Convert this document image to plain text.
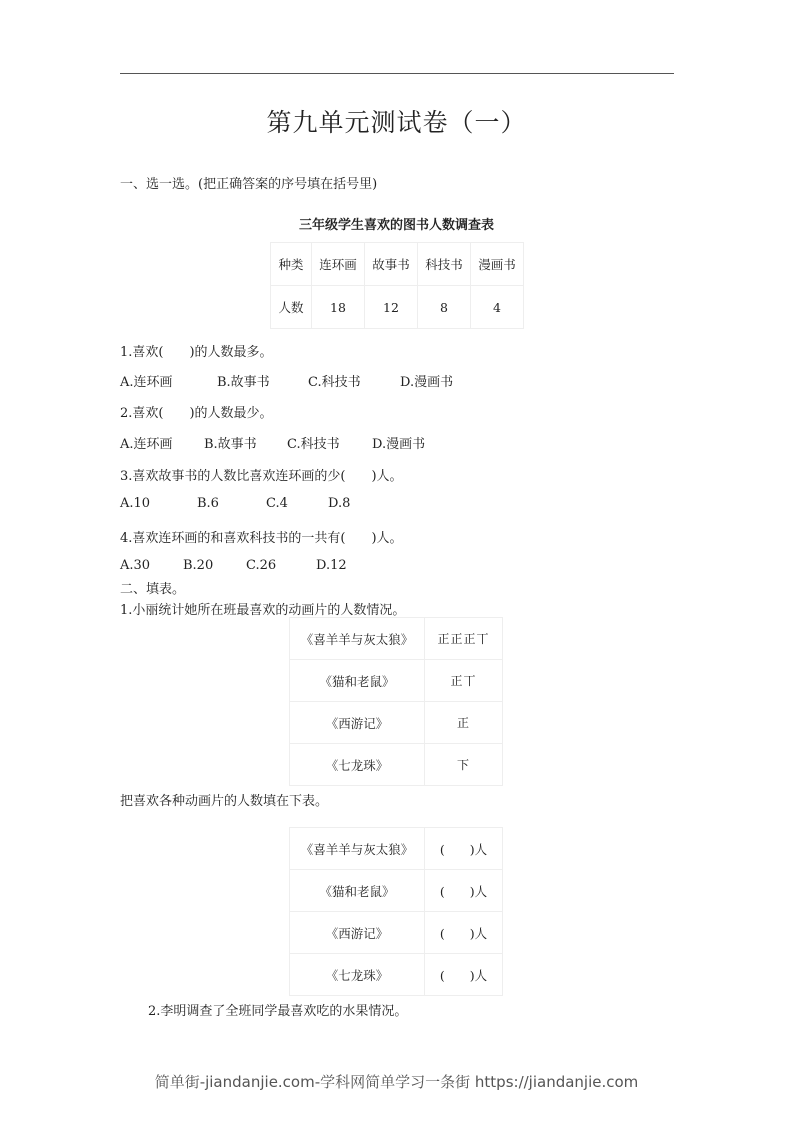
第九单元测试卷（一）
一、选一选。(把正确答案的序号填在括号里)
三年级学生喜欢的图书人数调查表
种类	连环画	故事书	科技书	漫画书
人数	18	12	8	4
1.喜欢(　　)的人数最多。
A.连环画	B.故事书	C.科技书	D.漫画书
2.喜欢(　　)的人数最少。
A.连环画 B.故事书 C.科技书 D.漫画书
3.喜欢故事书的人数比喜欢连环画的少(　　)人。
A.10	B.6	C.4	D.8
4.喜欢连环画的和喜欢科技书的一共有(　　)人。
A.30	B.20	C.26	D.12
二、填表。
1.小丽统计她所在班最喜欢的动画片的人数情况。
《喜羊羊与灰太狼》	正正正丅
《猫和老鼠》	正丅
《西游记》	正
《七龙珠》	下
把喜欢各种动画片的人数填在下表。
《喜羊羊与灰太狼》	(　　)人
《猫和老鼠》	(　　)人
《西游记》	(　　)人
《七龙珠》	(　　)人
2.李明调查了全班同学最喜欢吃的水果情况。
简单街-jiandanjie.com-学科网简单学习一条街 https://jiandanjie.com
